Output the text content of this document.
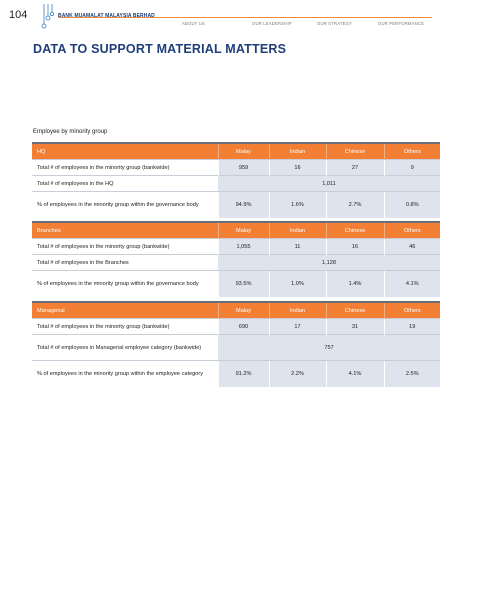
104
ABOUT US	OUR LEADERSHIP	OUR STRATEGY	OUR PERFORMANCE
DATA TO SUPPORT MATERIAL MATTERS
Employee by minority group
HQ	Malay	Indian	Chinese	Others
Total # of employees in the minority group (bankwide)	959	16	27	9
Total # of employees in the HQ	1,011			
% of employees in the minority group within the governance body	94.9%	1.6%	2.7%	0.8%
Branches	Malay	Indian	Chinese	Others
Total # of employees in the minority group (bankwide)	1,055	11	16	46
Total # of employees in the Branches	1,128			
% of employees in the minority group within the governance body	93.5%	1.0%	1.4%	4.1%
Managerial	Malay	Indian	Chinese	Others
Total # of employees in the minority group (bankwide)	690	17	31	19
Total # of employees in Managerial employee category (bankwide)	757			
% of employees in the minority group within the employee category	91.2%	2.2%	4.1%	2.5%
